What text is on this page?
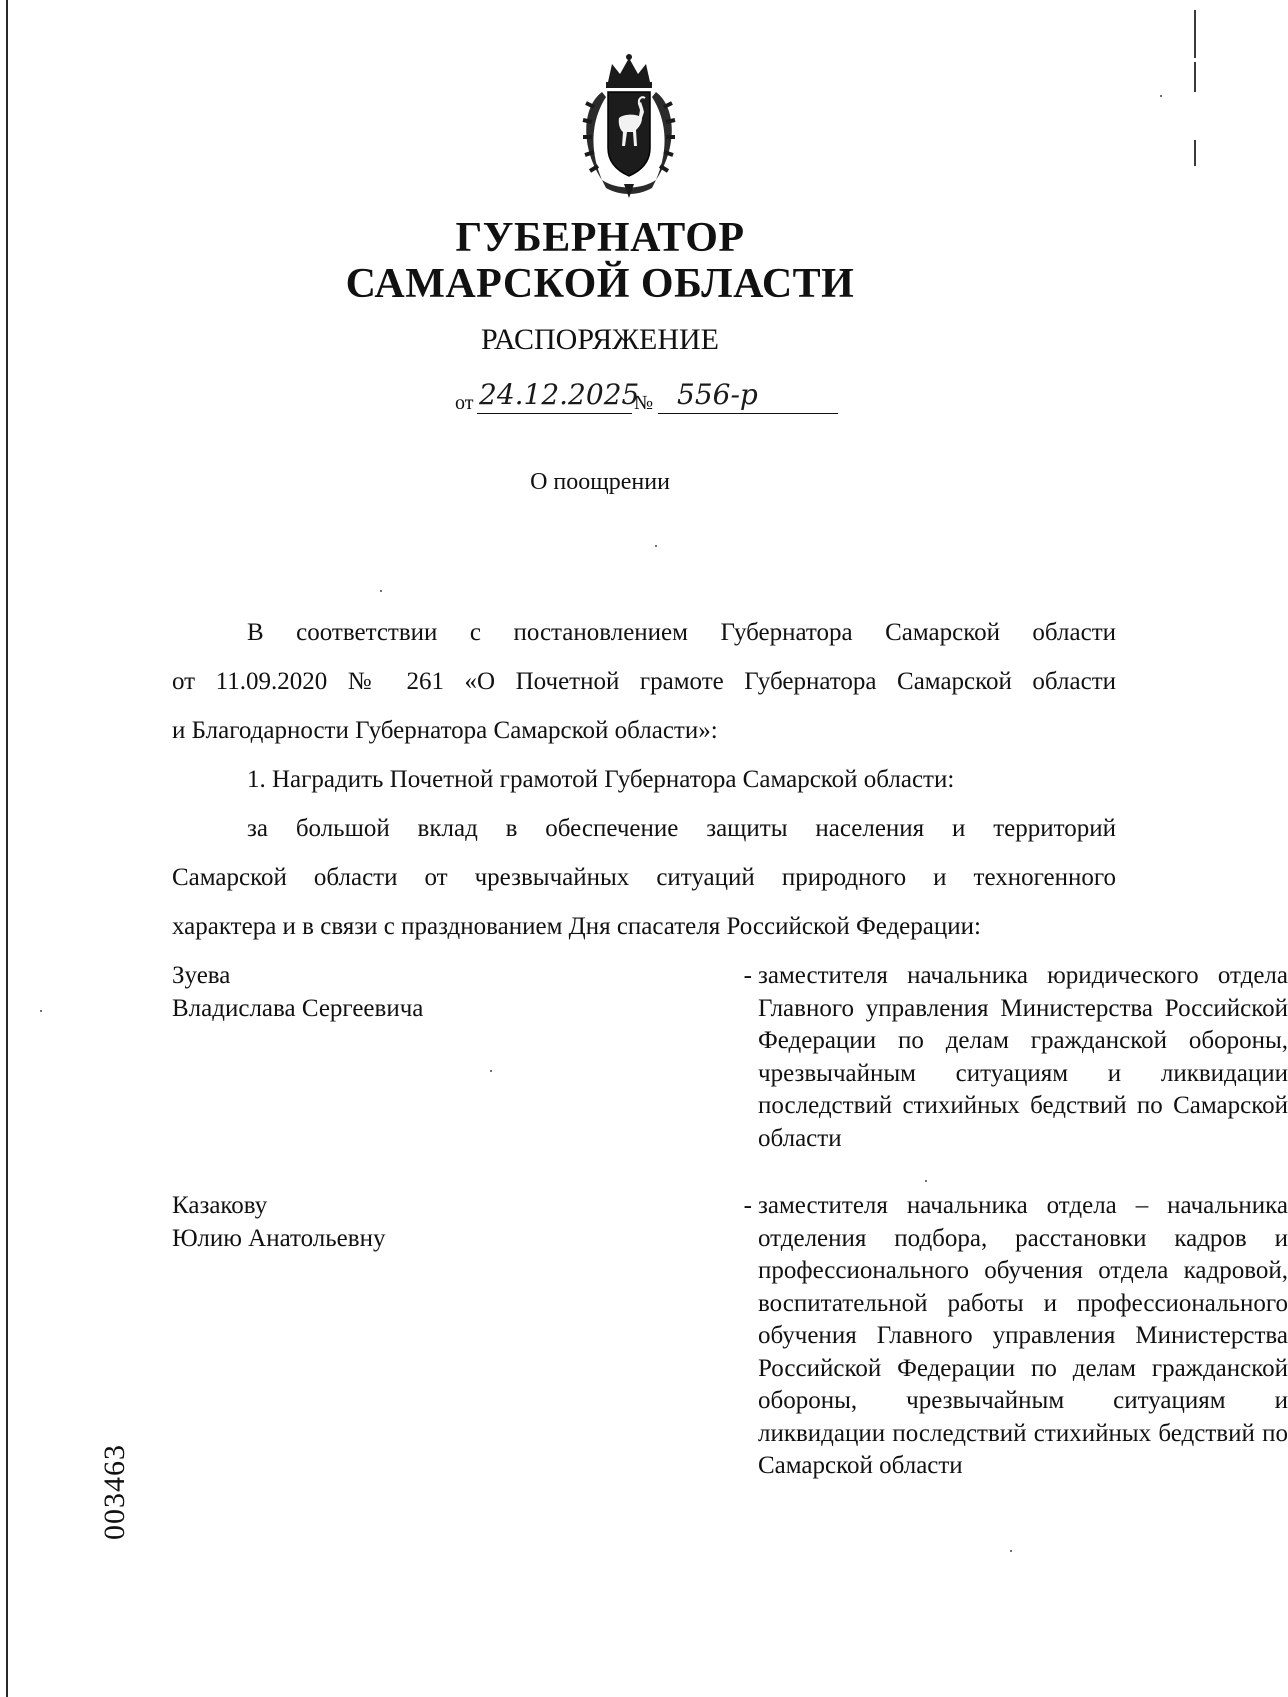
ГУБЕРНАТОР
САМАРСКОЙ ОБЛАСТИ
РАСПОРЯЖЕНИЕ
от 24.12.2025
№ 556-р
О поощрении
В соответствии с постановлением Губернатора Самарской области
от 11.09.2020 № 261 «О Почетной грамоте Губернатора Самарской области
и Благодарности Губернатора Самарской области»:
1. Наградить Почетной грамотой Губернатора Самарской области:
за большой вклад в обеспечение защиты населения и территорий
Самарской области от чрезвычайных ситуаций природного и техногенного
характера и в связи с празднованием Дня спасателя Российской Федерации:
Зуева
Владислава Сергеевича
- заместителя начальника юридического отдела Главного управления Министерства Российской Федерации по делам гражданской обороны, чрезвычайным ситуациям и ликвидации последствий стихийных бедствий по Самарской области
Казакову
Юлию Анатольевну
- заместителя начальника отдела – начальника отделения подбора, расстановки кадров и профессионального обучения отдела кадровой, воспитательной работы и профессионального обучения Главного управления Министерства Российской Федерации по делам гражданской обороны, чрезвычайным ситуациям и ликвидации последствий стихийных бедствий по Самарской области
003463
